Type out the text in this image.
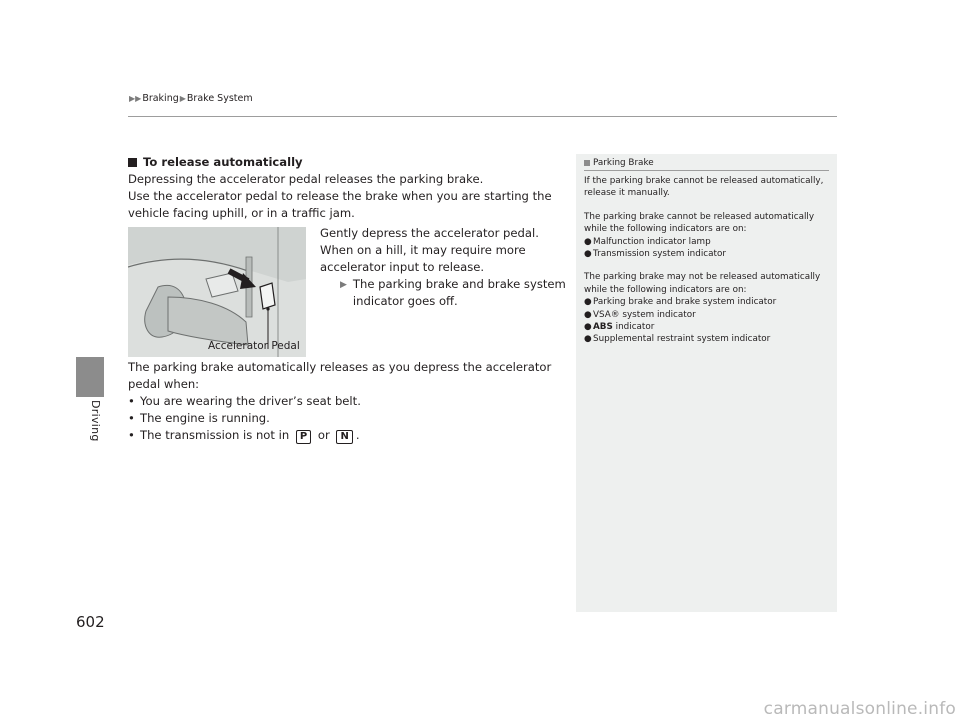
▶▶ Braking ▶ Brake System
Driving
602
To release automatically

Depressing the accelerator pedal releases the parking brake.

Use the accelerator pedal to release the brake when you are starting the vehicle facing uphill, or in a traffic jam.

Accelerator Pedal
Gently depress the accelerator pedal.
When on a hill, it may require more
accelerator input to release.
▶ The parking brake and brake system indicator goes off.

The parking brake automatically releases as you depress the accelerator pedal when:

• You are wearing the driver’s seat belt.
• The engine is running.
• The transmission is not in P or N .
Parking Brake

If the parking brake cannot be released automatically, release it manually.

The parking brake cannot be released automatically while the following indicators are on:
● Malfunction indicator lamp
● Transmission system indicator
The parking brake may not be released automatically while the following indicators are on:
● Parking brake and brake system indicator
● VSA® system indicator
● ABS indicator
● Supplemental restraint system indicator
carmanualsonline.info
